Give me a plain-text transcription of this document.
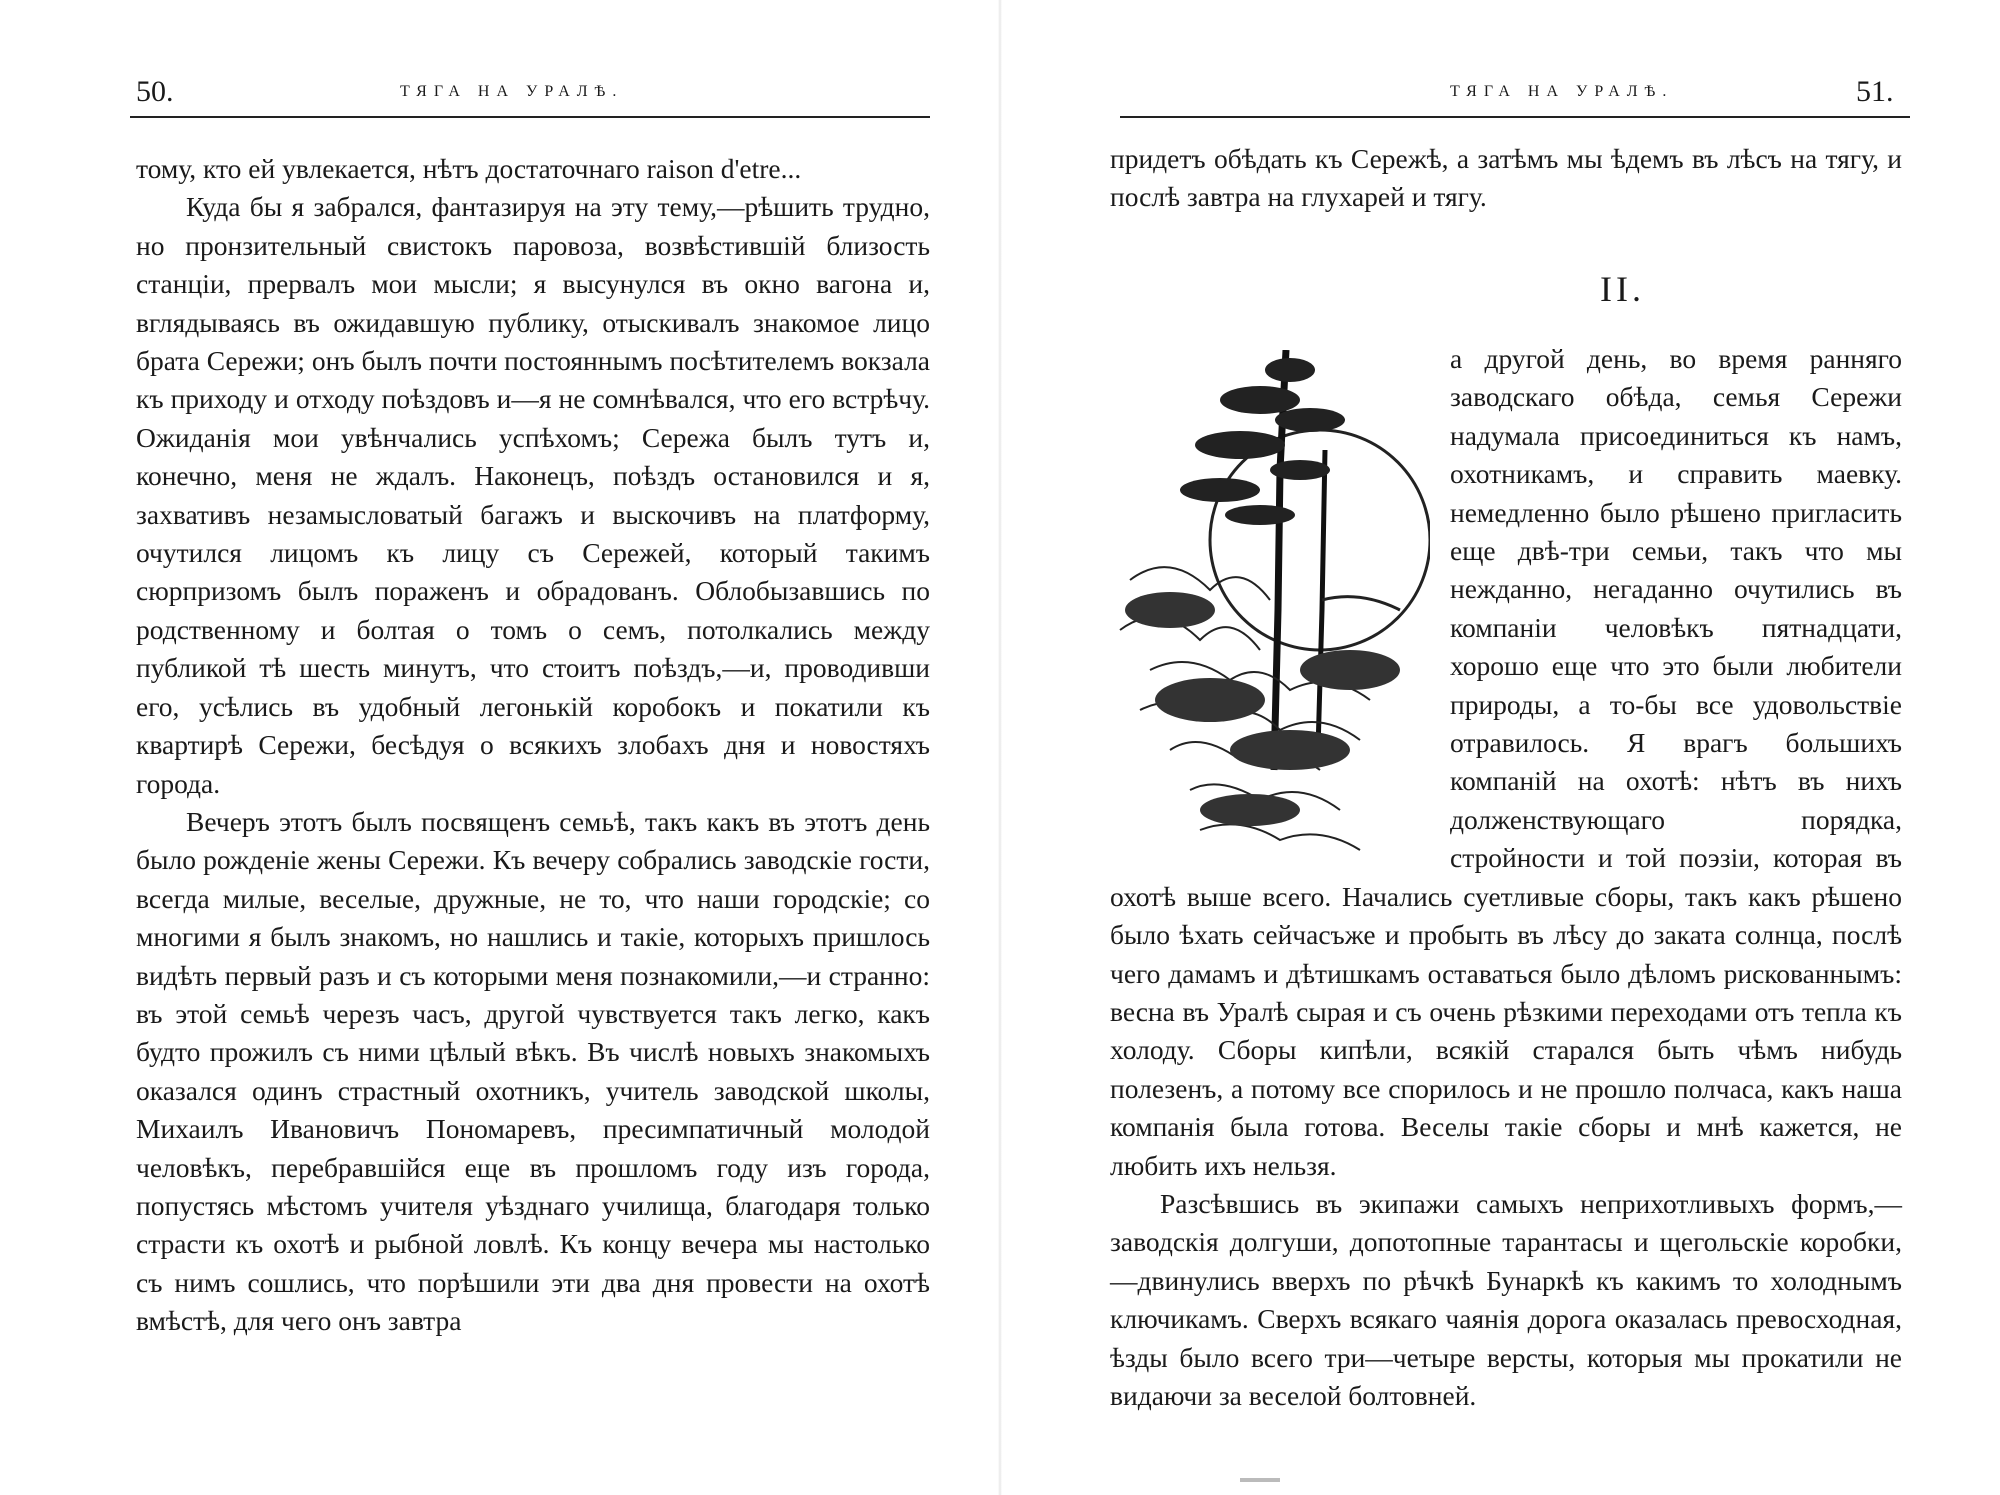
50.	ТЯГА НА УРАЛѢ.

тому, кто ей увлекается, нѣтъ достаточнаго raison d'etre...

Куда бы я забрался, фантазируя на эту тему,—рѣшить трудно, но пронзительный свистокъ паровоза, возвѣстившій близость станціи, прервалъ мои мысли; я высунулся въ окно вагона и, вглядываясь въ ожидавшую публику, отыскивалъ знакомое лицо брата Сережи; онъ былъ почти постояннымъ посѣтителемъ вокзала къ приходу и отходу поѣздовъ и—я не сомнѣвался, что его встрѣчу. Ожиданія мои увѣнчались успѣхомъ; Сережа былъ тутъ и, конечно, меня не ждалъ. Наконецъ, поѣздъ остановился и я, захвативъ незамысловатый багажъ и выскочивъ на платформу, очутился лицомъ къ лицу съ Сережей, который такимъ сюрпризомъ былъ пораженъ и обрадованъ. Облобызавшись по родственному и болтая о томъ о семъ, потолкались между публикой тѣ шесть минутъ, что стоитъ поѣздъ,—и, проводивши его, усѣлись въ удобный легонькій коробокъ и покатили къ квартирѣ Сережи, бесѣдуя о всякихъ злобахъ дня и новостяхъ города.

Вечеръ этотъ былъ посвященъ семьѣ, такъ какъ въ этотъ день было рожденіе жены Сережи. Къ вечеру собрались заводскіе гости, всегда милые, веселые, дружные, не то, что наши городскіе; со многими я былъ знакомъ, но нашлись и такіе, которыхъ пришлось видѣть первый разъ и съ которыми меня познакомили,—и странно: въ этой семьѣ черезъ часъ, другой чувствуется такъ легко, какъ будто прожилъ съ ними цѣлый вѣкъ. Въ числѣ новыхъ знакомыхъ оказался одинъ страстный охотникъ, учитель заводской школы, Михаилъ Ивановичъ Пономаревъ, пресимпатичный молодой человѣкъ, перебравшійся еще въ прошломъ году изъ города, попустясь мѣстомъ учителя уѣзднаго училища, благодаря только страсти къ охотѣ и рыбной ловлѣ. Къ концу вечера мы настолько съ нимъ сошлись, что порѣшили эти два дня провести на охотѣ вмѣстѣ, для чего онъ завтра

ТЯГА НА УРАЛѢ.	51.
придетъ обѣдать къ Сережѣ, а затѣмъ мы ѣдемъ въ лѣсъ на тягу, и послѣ завтра на глухарей и тягу.
II.

а другой день, во время ранняго заводскаго обѣда, семья Сережи надумала присоединиться къ намъ, охотникамъ, и справить маевку. немедленно было рѣшено пригласить еще двѣ-три семьи, такъ что мы нежданно, негаданно очутились въ компаніи человѣкъ пятнадцати, хорошо еще что это были любители природы, а то-бы все удовольствіе отравилось. Я врагъ большихъ компаній на охотѣ: нѣтъ въ нихъ долженствующаго порядка, стройности и той поэзіи, которая въ охотѣ выше всего. Начались суетливые сборы, такъ какъ рѣшено было ѣхать сейчасъже и пробыть въ лѣсу до заката солнца, послѣ чего дамамъ и дѣтишкамъ оставаться было дѣломъ рискованнымъ: весна въ Уралѣ сырая и съ очень рѣзкими переходами отъ тепла къ холоду. Сборы кипѣли, всякій старался быть чѣмъ нибудь полезенъ, а потому все спорилось и не прошло полчаса, какъ наша компанія была готова. Веселы такіе сборы и мнѣ кажется, не любить ихъ нельзя.

Разсѣвшись въ экипажи самыхъ неприхотливыхъ формъ,—заводскія долгуши, допотопные тарантасы и щегольскіе коробки,—двинулись вверхъ по рѣчкѣ Бунаркѣ къ какимъ то холоднымъ ключикамъ. Сверхъ всякаго чаянія дорога оказалась превосходная, ѣзды было всего три—четыре версты, которыя мы прокатили не видаючи за веселой болтовней.
